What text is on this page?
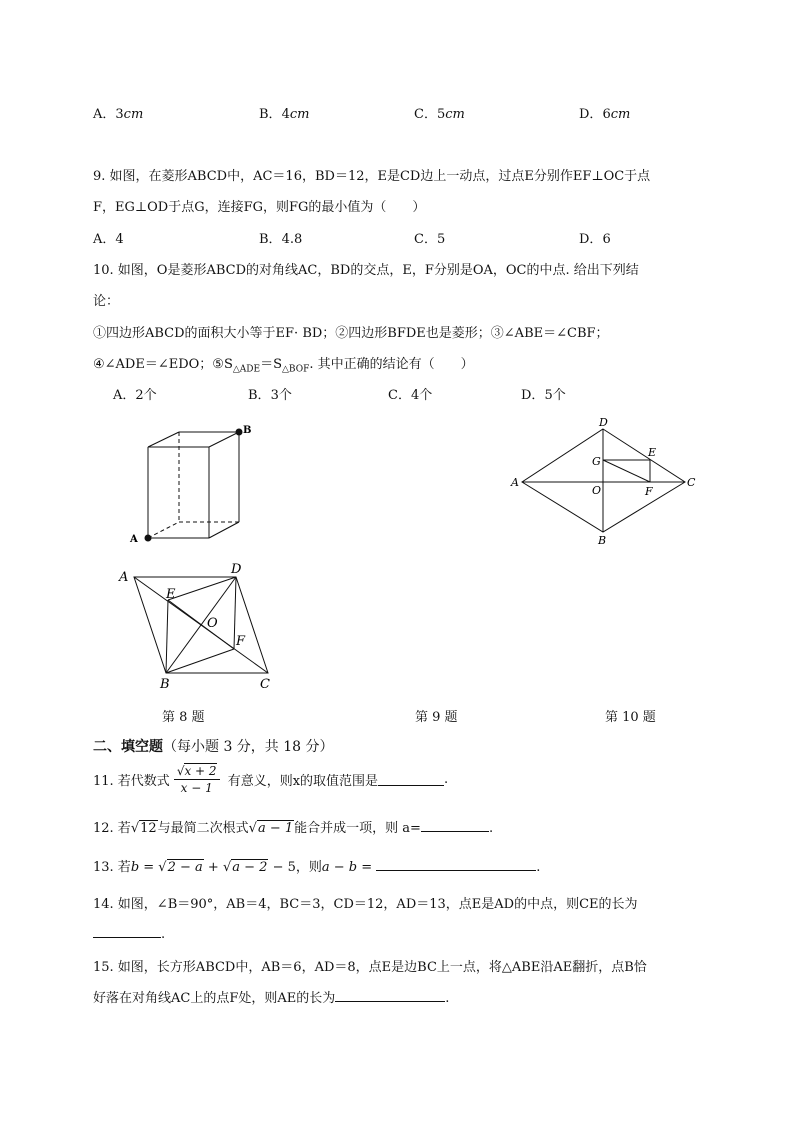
A．3cm	B．4cm	C．5cm	D．6cm
9. 如图，在菱形ABCD中，AC＝16，BD＝12，E是CD边上一动点，过点E分别作EF⊥OC于点
F，EG⊥OD于点G，连接FG，则FG的最小值为（　　）
A．4	B．4.8	C．5	D．6
10. 如图，O是菱形ABCD的对角线AC，BD的交点，E，F分别是OA，OC的中点. 给出下列结
论：
①四边形ABCD的面积大小等于EF· BD；②四边形BFDE也是菱形；③∠ABE＝∠CBF；
④∠ADE＝∠EDO；$⑤S_{\triangle ADE}=S_{\triangle BOF}$. 其中正确的结论有（　　）
A．2个	B．3个	C．4个	D．5个
A
B
A
D
E
O
F
B	C
D
E
G
A
O	F
C
B
第 8 题	第 9 题	第 10 题
二、填空题（每小题 3 分，共 18 分）
11. 若代数式 $\frac{√x + 2}{x - 1}$ 有意义，则x的取值范围是	.
12. 若√12与最简二次根式√a − 1能合并成一项，则 a=	.
13. 若b = √2 − a + √a − 2 − 5，则a − b =	.
14. 如图，∠B＝90°，AB＝4，BC＝3，CD＝12，AD＝13，点E是AD的中点，则CE的长为
.
15. 如图，长方形ABCD中，AB＝6，AD＝8，点E是边BC上一点，将△ABE沿AE翻折，点B恰
好落在对角线AC上的点F处，则AE的长为	.
